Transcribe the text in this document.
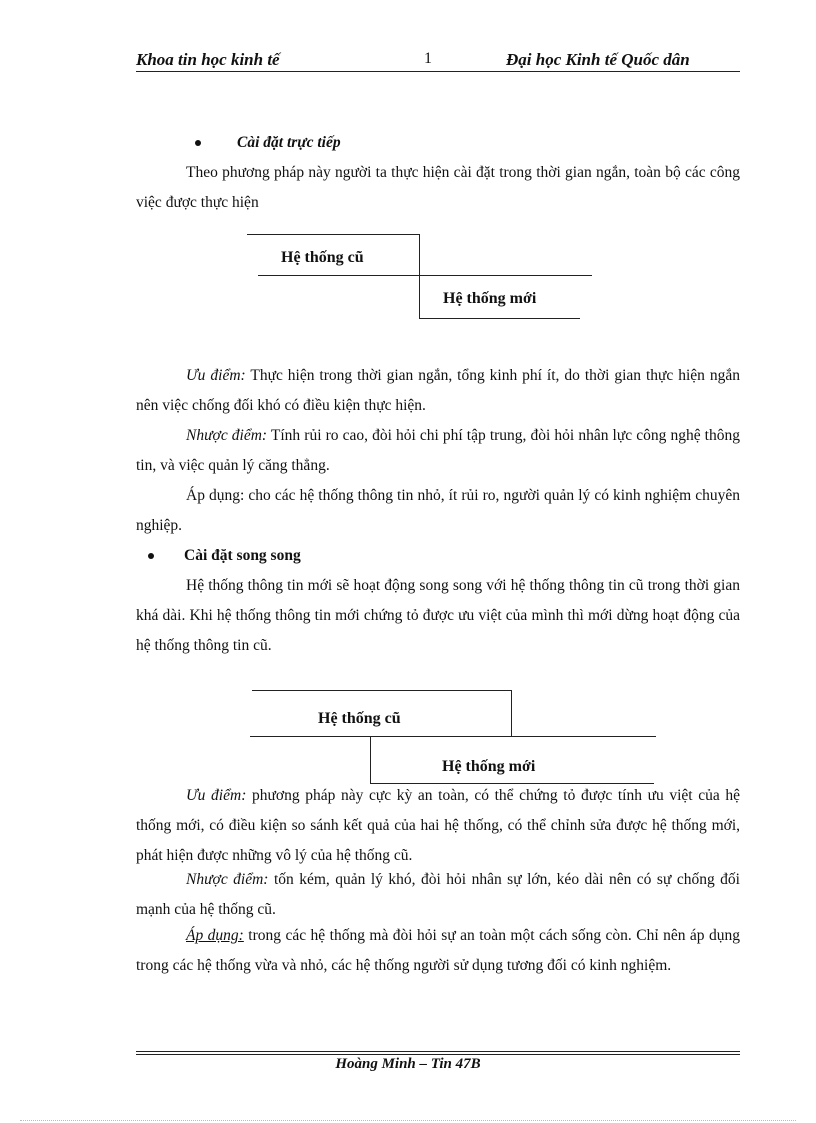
Khoa tin học kinh tế	1	Đại học Kinh tế Quốc dân
Cài đặt trực tiếp

Theo phương pháp này người ta thực hiện cài đặt trong thời gian ngắn, toàn bộ các công việc được thực hiện

Hệ thống cũ
Hệ thống mới

Ưu điểm: Thực hiện trong thời gian ngắn, tổng kinh phí ít, do thời gian thực hiện ngắn nên việc chống đối khó có điều kiện thực hiện.

Nhược điểm: Tính rủi ro cao, đòi hỏi chi phí tập trung, đòi hỏi nhân lực công nghệ thông tin, và việc quản lý căng thẳng.

Áp dụng: cho các hệ thống thông tin nhỏ, ít rủi ro, người quản lý có kinh nghiệm chuyên nghiệp.

Cài đặt song song

Hệ thống thông tin mới sẽ hoạt động song song với hệ thống thông tin cũ trong thời gian khá dài. Khi hệ thống thông tin mới chứng tỏ được ưu việt của mình thì mới dừng hoạt động của hệ thống thông tin cũ.

Hệ thống cũ
Hệ thống mới

Ưu điểm: phương pháp này cực kỳ an toàn, có thể chứng tỏ được tính ưu việt của hệ thống mới, có điều kiện so sánh kết quả của hai hệ thống, có thể chỉnh sửa được hệ thống mới, phát hiện được những vô lý của hệ thống cũ.

Nhược điểm: tốn kém, quản lý khó, đòi hỏi nhân sự lớn, kéo dài nên có sự chống đối mạnh của hệ thống cũ.

Áp dụng: trong các hệ thống mà đòi hỏi sự an toàn một cách sống còn. Chỉ nên áp dụng trong các hệ thống vừa và nhỏ, các hệ thống người sử dụng tương đối có kinh nghiệm.

Hoàng Minh – Tin 47B
